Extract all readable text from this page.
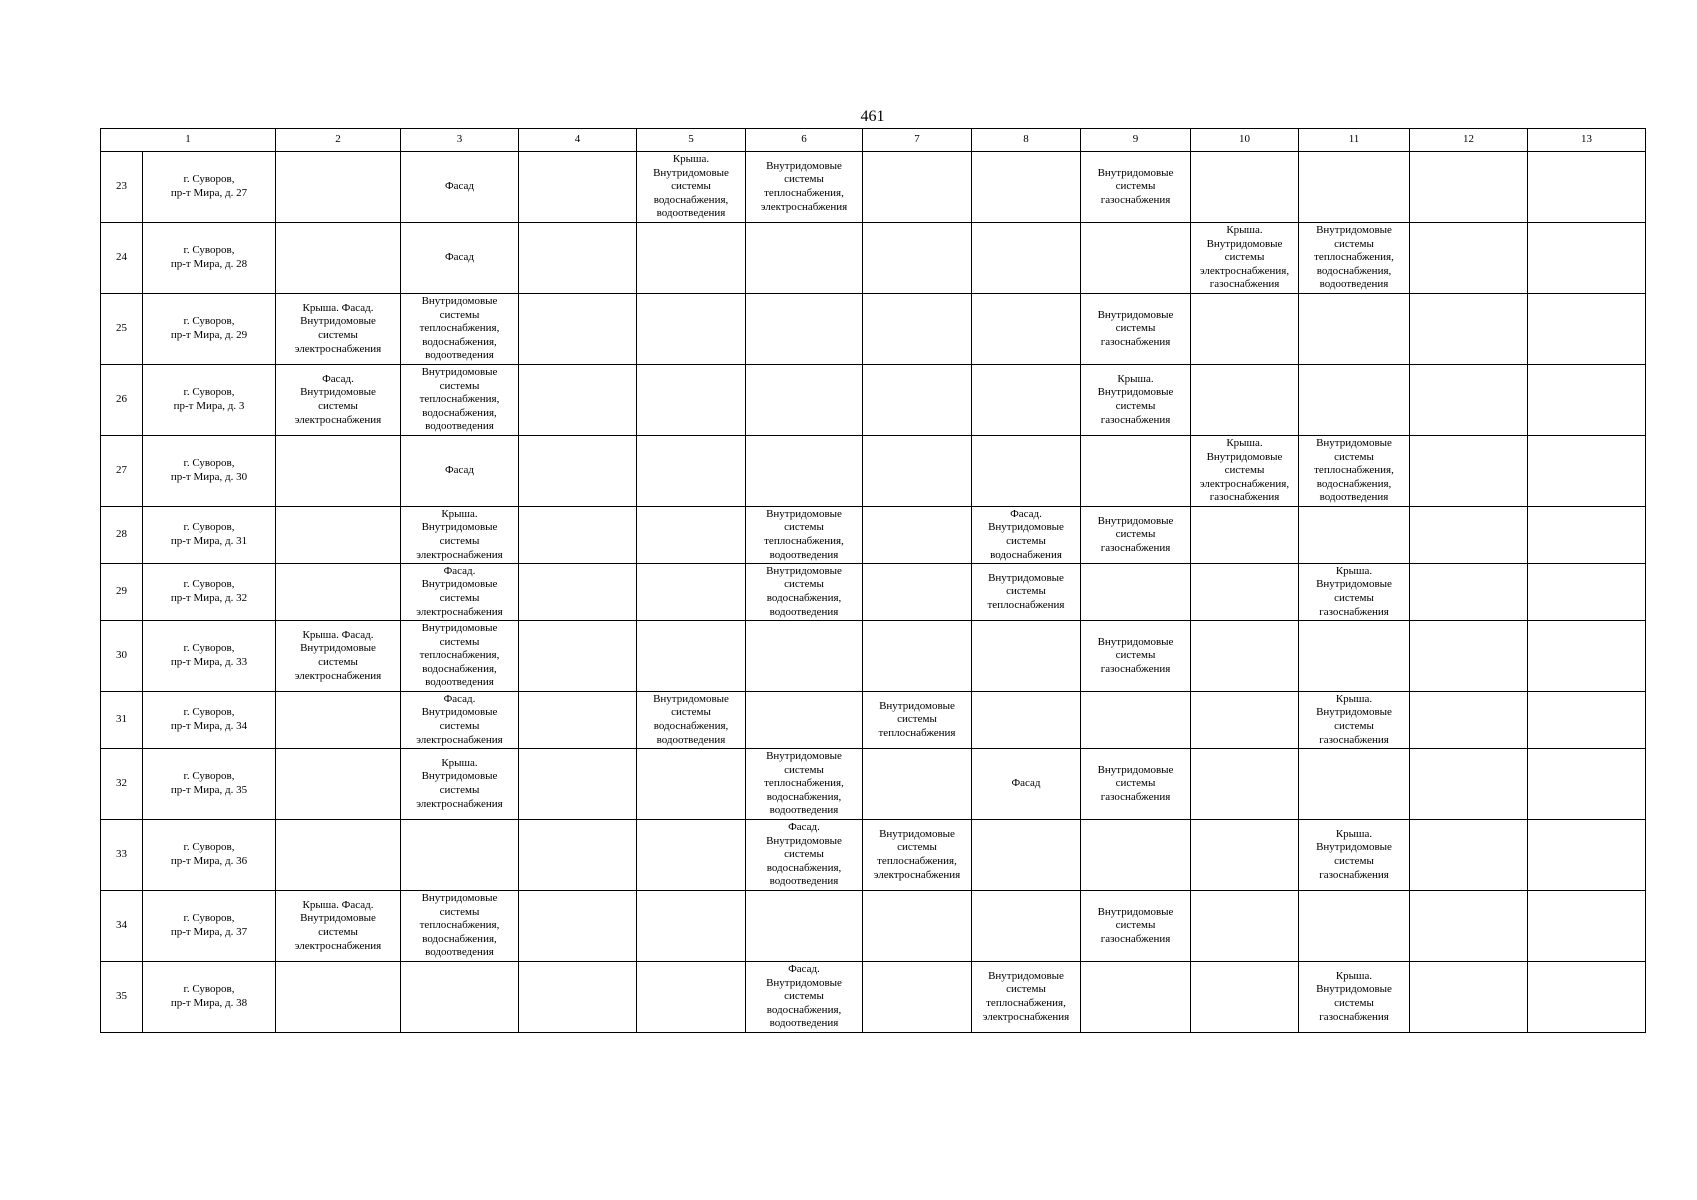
461
1		2	3	4	5	6	7	8	9	10	11	12	13
23	г. Суворов,
пр-т Мира, д. 27		Фасад		Крыша.
Внутридомовые
системы
водоснабжения,
водоотведения	Внутридомовые
системы
теплоснабжения,
электроснабжения			Внутридомовые
системы
газоснабжения				
24	г. Суворов,
пр-т Мира, д. 28		Фасад							Крыша.
Внутридомовые
системы
электроснабжения,
газоснабжения	Внутридомовые
системы
теплоснабжения,
водоснабжения,
водоотведения		
25	г. Суворов,
пр-т Мира, д. 29	Крыша. Фасад.
Внутридомовые
системы
электроснабжения	Внутридомовые
системы
теплоснабжения,
водоснабжения,
водоотведения						Внутридомовые
системы
газоснабжения				
26	г. Суворов,
пр-т Мира, д. 3	Фасад.
Внутридомовые
системы
электроснабжения	Внутридомовые
системы
теплоснабжения,
водоснабжения,
водоотведения						Крыша.
Внутридомовые
системы
газоснабжения				
27	г. Суворов,
пр-т Мира, д. 30		Фасад							Крыша.
Внутридомовые
системы
электроснабжения,
газоснабжения	Внутридомовые
системы
теплоснабжения,
водоснабжения,
водоотведения		
28	г. Суворов,
пр-т Мира, д. 31		Крыша.
Внутридомовые
системы
электроснабжения			Внутридомовые
системы
теплоснабжения,
водоотведения		Фасад.
Внутридомовые
системы
водоснабжения	Внутридомовые
системы
газоснабжения				
29	г. Суворов,
пр-т Мира, д. 32		Фасад.
Внутридомовые
системы
электроснабжения			Внутридомовые
системы
водоснабжения,
водоотведения		Внутридомовые
системы
теплоснабжения			Крыша.
Внутридомовые
системы
газоснабжения		
30	г. Суворов,
пр-т Мира, д. 33	Крыша. Фасад.
Внутридомовые
системы
электроснабжения	Внутридомовые
системы
теплоснабжения,
водоснабжения,
водоотведения						Внутридомовые
системы
газоснабжения				
31	г. Суворов,
пр-т Мира, д. 34		Фасад.
Внутридомовые
системы
электроснабжения		Внутридомовые
системы
водоснабжения,
водоотведения		Внутридомовые
системы
теплоснабжения				Крыша.
Внутридомовые
системы
газоснабжения		
32	г. Суворов,
пр-т Мира, д. 35		Крыша.
Внутридомовые
системы
электроснабжения			Внутридомовые
системы
теплоснабжения,
водоснабжения,
водоотведения		Фасад	Внутридомовые
системы
газоснабжения				
33	г. Суворов,
пр-т Мира, д. 36					Фасад.
Внутридомовые
системы
водоснабжения,
водоотведения	Внутридомовые
системы
теплоснабжения,
электроснабжения				Крыша.
Внутридомовые
системы
газоснабжения		
34	г. Суворов,
пр-т Мира, д. 37	Крыша. Фасад.
Внутридомовые
системы
электроснабжения	Внутридомовые
системы
теплоснабжения,
водоснабжения,
водоотведения						Внутридомовые
системы
газоснабжения				
35	г. Суворов,
пр-т Мира, д. 38					Фасад.
Внутридомовые
системы
водоснабжения,
водоотведения		Внутридомовые
системы
теплоснабжения,
электроснабжения			Крыша.
Внутридомовые
системы
газоснабжения		
